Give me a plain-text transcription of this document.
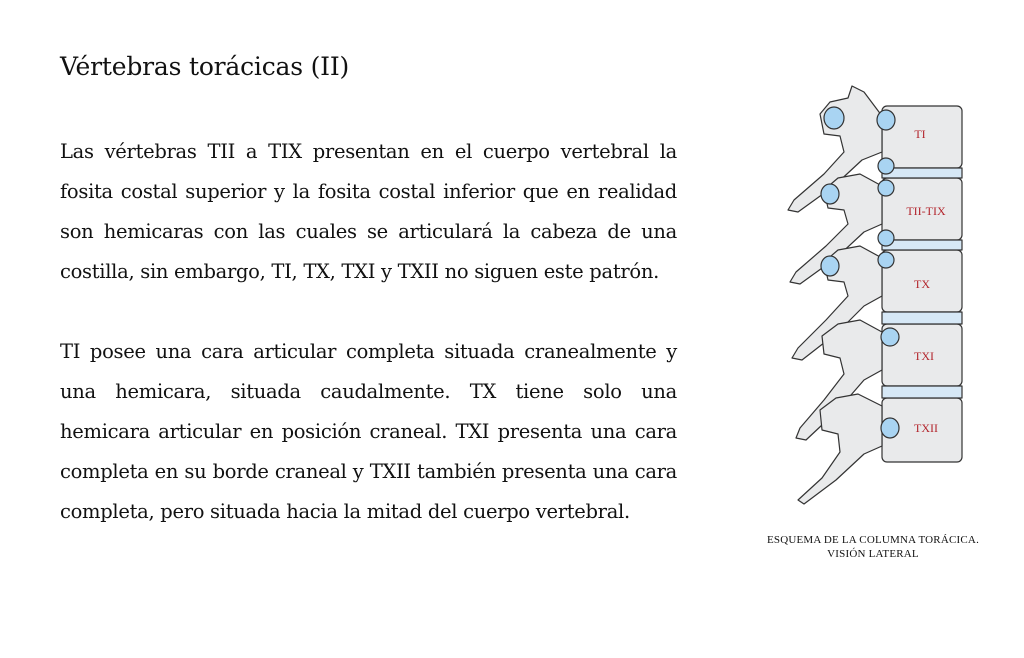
Vértebras torácicas (II)

Las vértebras TII a TIX presentan en el cuerpo vertebral la fosita costal superior y la fosita costal inferior que en realidad son hemicaras con las cuales se articulará la cabeza de una costilla, sin embargo, TI, TX, TXI y TXII no siguen este patrón.

TI posee una cara articular completa situada cranealmente y una hemicara, situada caudalmente. TX tiene solo una hemicara articular en posición craneal. TXI presenta una cara completa en su borde craneal y TXII también presenta una cara completa, pero situada hacia la mitad del cuerpo vertebral.

TI
TII-TIX
TX
TXI
TXII
ESQUEMA DE LA COLUMNA TORÁCICA.
VISIÓN LATERAL
